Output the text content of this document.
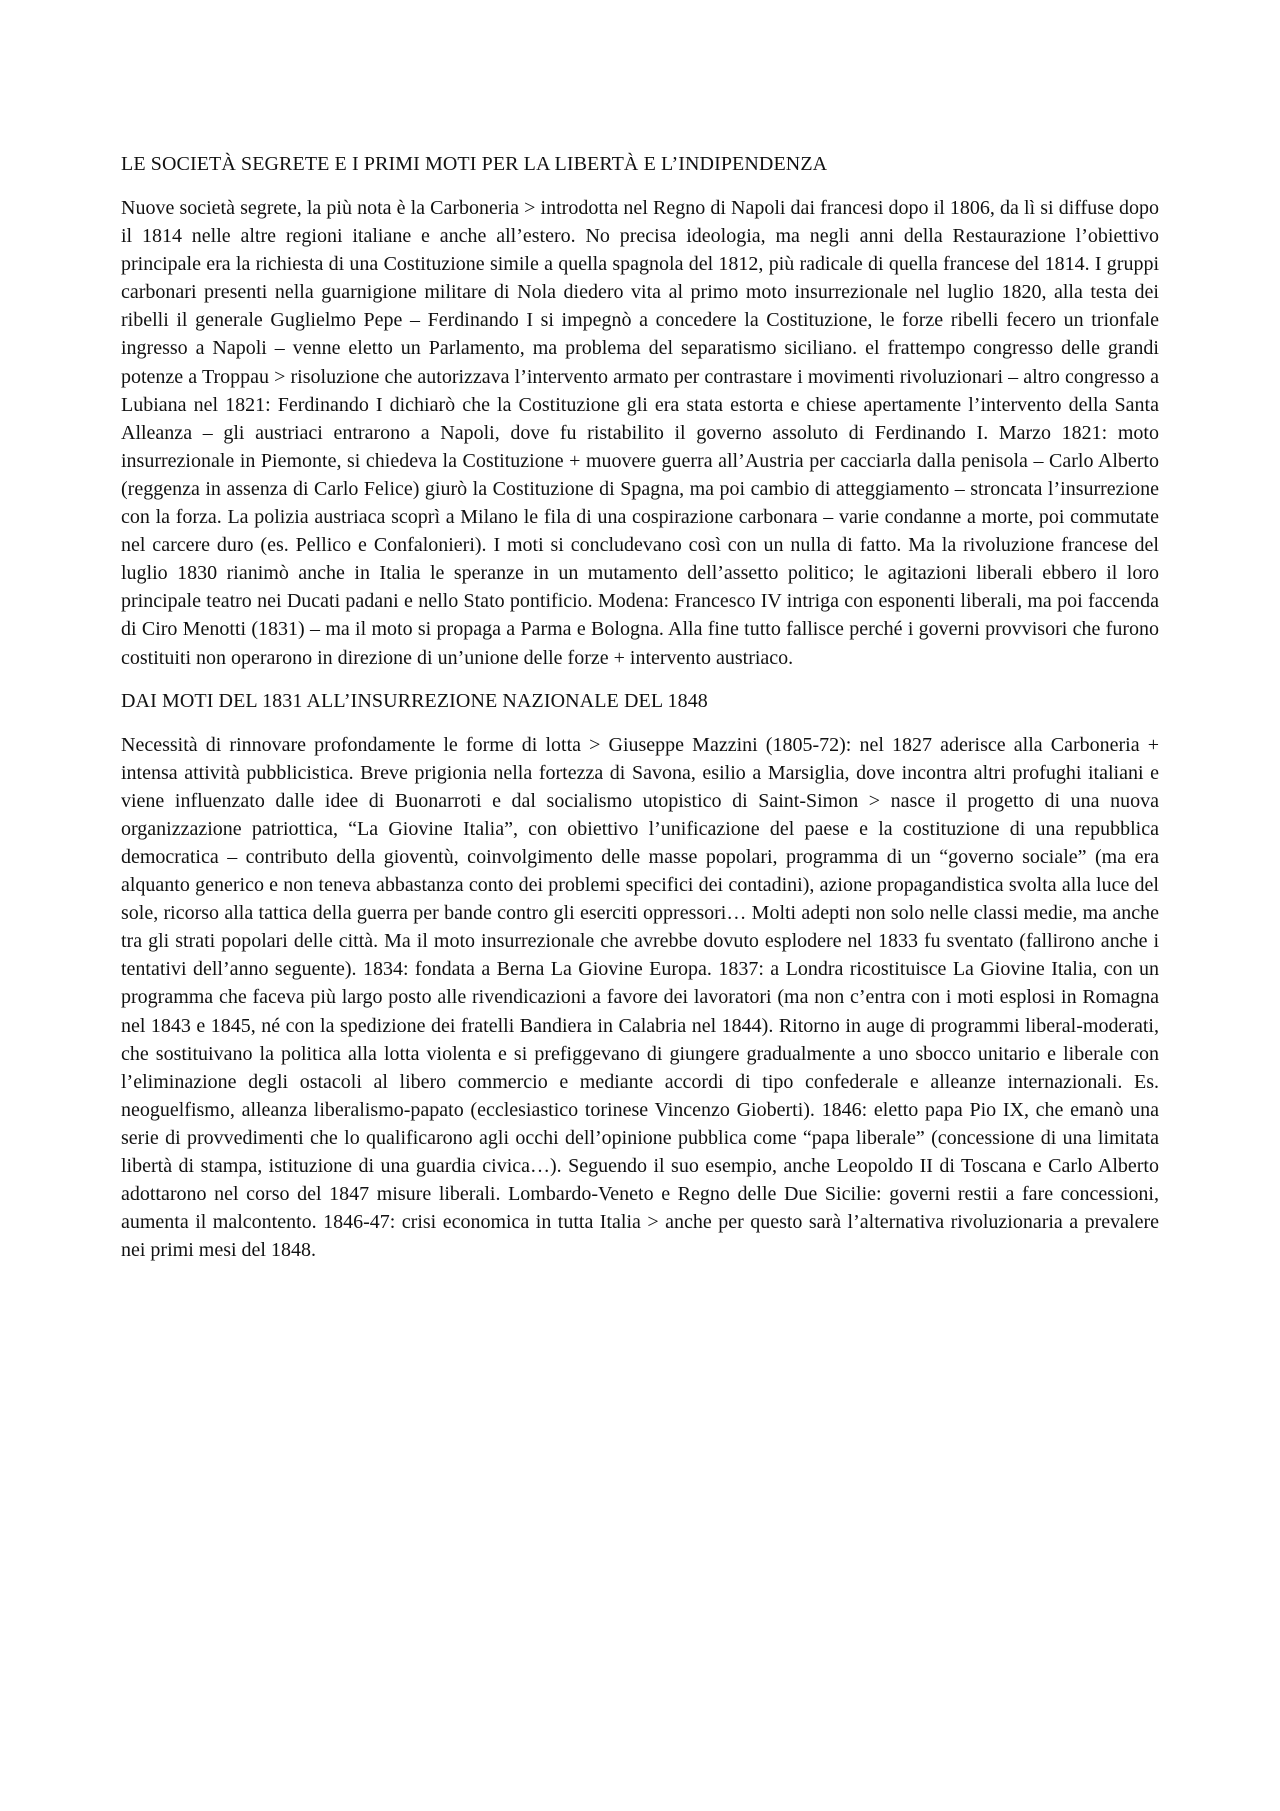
LE SOCIETÀ SEGRETE E I PRIMI MOTI PER LA LIBERTÀ E L’INDIPENDENZA

Nuove società segrete, la più nota è la Carboneria > introdotta nel Regno di Napoli dai francesi dopo il 1806, da lì si diffuse dopo il 1814 nelle altre regioni italiane e anche all’estero. No precisa ideologia, ma negli anni della Restaurazione l’obiettivo principale era la richiesta di una Costituzione simile a quella spagnola del 1812, più radicale di quella francese del 1814. I gruppi carbonari presenti nella guarnigione militare di Nola diedero vita al primo moto insurrezionale nel luglio 1820, alla testa dei ribelli il generale Guglielmo Pepe – Ferdinando I si impegnò a concedere la Costituzione, le forze ribelli fecero un trionfale ingresso a Napoli – venne eletto un Parlamento, ma problema del separatismo siciliano. el frattempo congresso delle grandi potenze a Troppau > risoluzione che autorizzava l’intervento armato per contrastare i movimenti rivoluzionari – altro congresso a Lubiana nel 1821: Ferdinando I dichiarò che la Costituzione gli era stata estorta e chiese apertamente l’intervento della Santa Alleanza – gli austriaci entrarono a Napoli, dove fu ristabilito il governo assoluto di Ferdinando I. Marzo 1821: moto insurrezionale in Piemonte, si chiedeva la Costituzione + muovere guerra all’Austria per cacciarla dalla penisola – Carlo Alberto (reggenza in assenza di Carlo Felice) giurò la Costituzione di Spagna, ma poi cambio di atteggiamento – stroncata l’insurrezione con la forza. La polizia austriaca scoprì a Milano le fila di una cospirazione carbonara – varie condanne a morte, poi commutate nel carcere duro (es. Pellico e Confalonieri). I moti si concludevano così con un nulla di fatto. Ma la rivoluzione francese del luglio 1830 rianimò anche in Italia le speranze in un mutamento dell’assetto politico; le agitazioni liberali ebbero il loro principale teatro nei Ducati padani e nello Stato pontificio. Modena: Francesco IV intriga con esponenti liberali, ma poi faccenda di Ciro Menotti (1831) – ma il moto si propaga a Parma e Bologna. Alla fine tutto fallisce perché i governi provvisori che furono costituiti non operarono in direzione di un’unione delle forze + intervento austriaco.

DAI MOTI DEL 1831 ALL’INSURREZIONE NAZIONALE DEL 1848

Necessità di rinnovare profondamente le forme di lotta > Giuseppe Mazzini (1805-72): nel 1827 aderisce alla Carboneria + intensa attività pubblicistica. Breve prigionia nella fortezza di Savona, esilio a Marsiglia, dove incontra altri profughi italiani e viene influenzato dalle idee di Buonarroti e dal socialismo utopistico di Saint-Simon > nasce il progetto di una nuova organizzazione patriottica, “La Giovine Italia”, con obiettivo l’unificazione del paese e la costituzione di una repubblica democratica – contributo della gioventù, coinvolgimento delle masse popolari, programma di un “governo sociale” (ma era alquanto generico e non teneva abbastanza conto dei problemi specifici dei contadini), azione propagandistica svolta alla luce del sole, ricorso alla tattica della guerra per bande contro gli eserciti oppressori… Molti adepti non solo nelle classi medie, ma anche tra gli strati popolari delle città. Ma il moto insurrezionale che avrebbe dovuto esplodere nel 1833 fu sventato (fallirono anche i tentativi dell’anno seguente). 1834: fondata a Berna La Giovine Europa. 1837: a Londra ricostituisce La Giovine Italia, con un programma che faceva più largo posto alle rivendicazioni a favore dei lavoratori (ma non c’entra con i moti esplosi in Romagna nel 1843 e 1845, né con la spedizione dei fratelli Bandiera in Calabria nel 1844). Ritorno in auge di programmi liberal-moderati, che sostituivano la politica alla lotta violenta e si prefiggevano di giungere gradualmente a uno sbocco unitario e liberale con l’eliminazione degli ostacoli al libero commercio e mediante accordi di tipo confederale e alleanze internazionali. Es. neoguelfismo, alleanza liberalismo-papato (ecclesiastico torinese Vincenzo Gioberti). 1846: eletto papa Pio IX, che emanò una serie di provvedimenti che lo qualificarono agli occhi dell’opinione pubblica come “papa liberale” (concessione di una limitata libertà di stampa, istituzione di una guardia civica…). Seguendo il suo esempio, anche Leopoldo II di Toscana e Carlo Alberto adottarono nel corso del 1847 misure liberali. Lombardo-Veneto e Regno delle Due Sicilie: governi restii a fare concessioni, aumenta il malcontento. 1846-47: crisi economica in tutta Italia > anche per questo sarà l’alternativa rivoluzionaria a prevalere nei primi mesi del 1848.
